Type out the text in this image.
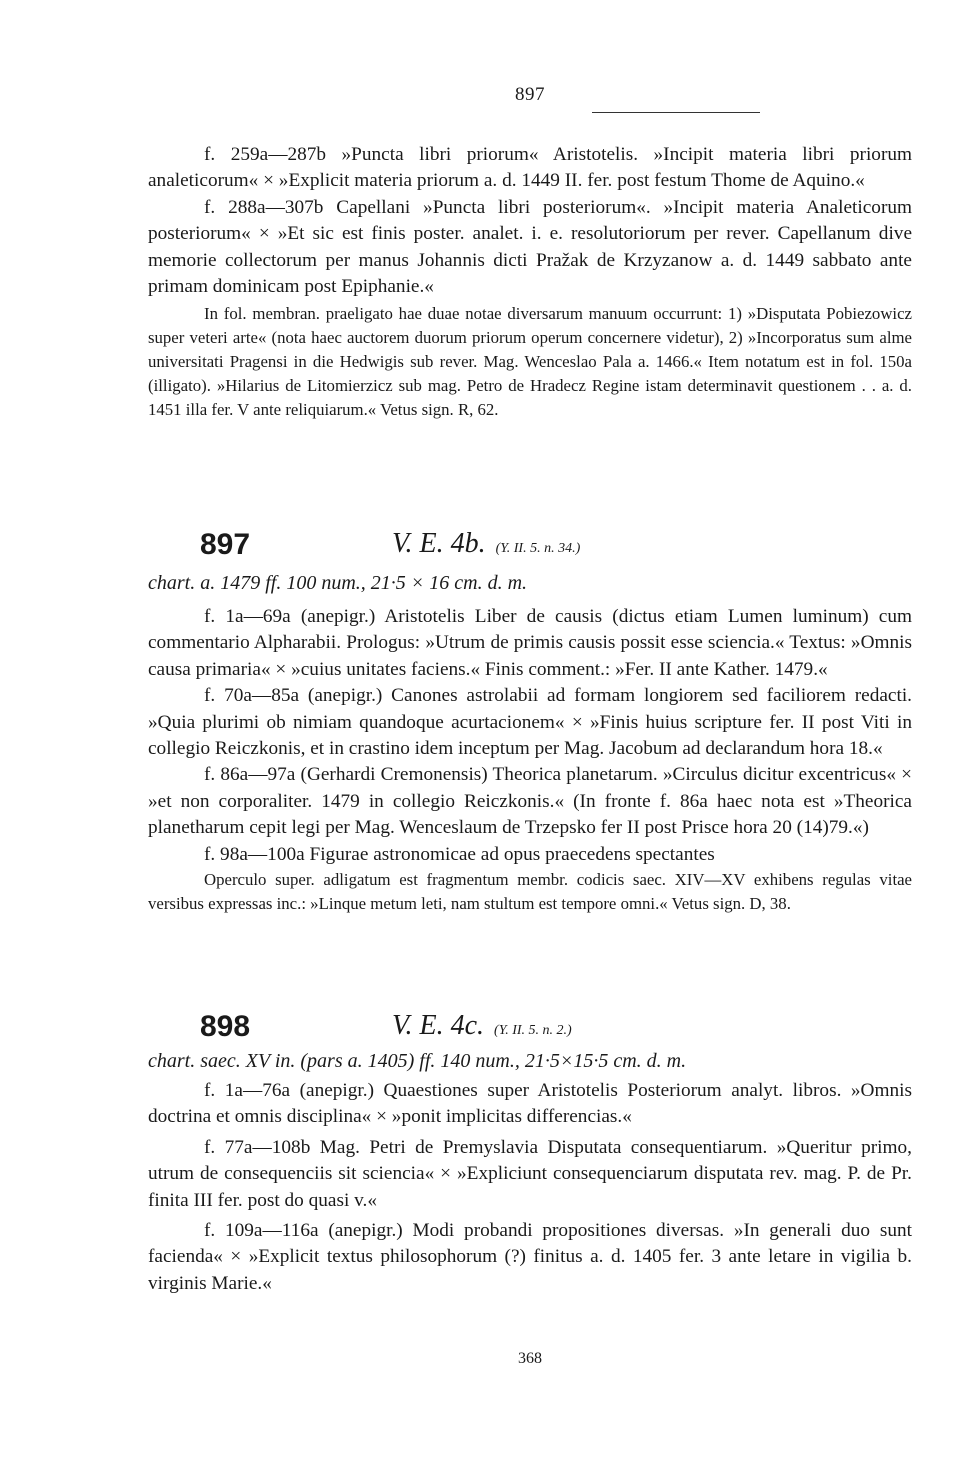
897

f. 259a—287b »Puncta libri priorum« Aristotelis. »Incipit materia libri priorum analeticorum« × »Explicit materia priorum a. d. 1449 II. fer. post festum Thome de Aquino.«

f. 288a—307b Capellani »Puncta libri posteriorum«. »Incipit materia Analeticorum posteriorum« × »Et sic est finis poster. analet. i. e. resolutoriorum per rever. Capellanum dive memorie collectorum per manus Johannis dicti Pražak de Krzyzanow a. d. 1449 sabbato ante primam dominicam post Epiphanie.«

In fol. membran. praeligato hae duae notae diversarum manuum occurrunt: 1) »Disputata Pobiezowicz super veteri arte« (nota haec auctorem duorum priorum operum concernere videtur), 2) »Incorporatus sum alme universitati Pragensi in die Hedwigis sub rever. Mag. Wenceslao Pala a. 1466.« Item notatum est in fol. 150a (illigato). »Hilarius de Litomierzicz sub mag. Petro de Hradecz Regine istam determinavit questionem . . a. d. 1451 illa fer. V ante reliquiarum.« Vetus sign. R, 62.

897	V. E. 4b. (Y. II. 5. n. 34.)
chart. a. 1479 ff. 100 num., 21·5 × 16 cm. d. m.

f. 1a—69a (anepigr.) Aristotelis Liber de causis (dictus etiam Lumen luminum) cum commentario Alpharabii. Prologus: »Utrum de primis causis possit esse sciencia.« Textus: »Omnis causa primaria« × »cuius unitates faciens.« Finis comment.: »Fer. II ante Kather. 1479.«

f. 70a—85a (anepigr.) Canones astrolabii ad formam longiorem sed faciliorem redacti. »Quia plurimi ob nimiam quandoque acurtacionem« × »Finis huius scripture fer. II post Viti in collegio Reiczkonis, et in crastino idem inceptum per Mag. Jacobum ad declarandum hora 18.«

f. 86a—97a (Gerhardi Cremonensis) Theorica planetarum. »Circulus dicitur excentricus« × »et non corporaliter. 1479 in collegio Reiczkonis.« (In fronte f. 86a haec nota est »Theorica planetharum cepit legi per Mag. Wenceslaum de Trzepsko fer II post Prisce hora 20 (14)79.«)

f. 98a—100a Figurae astronomicae ad opus praecedens spectantes

Operculo super. adligatum est fragmentum membr. codicis saec. XIV—XV exhibens regulas vitae versibus expressas inc.: »Linque metum leti, nam stultum est tempore omni.« Vetus sign. D, 38.

898	V. E. 4c. (Y. II. 5. n. 2.)
chart. saec. XV in. (pars a. 1405) ff. 140 num., 21·5×15·5 cm. d. m.

f. 1a—76a (anepigr.) Quaestiones super Aristotelis Posteriorum analyt. libros. »Omnis doctrina et omnis disciplina« × »ponit implicitas differencias.«

f. 77a—108b Mag. Petri de Premyslavia Disputata consequentiarum. »Queritur primo, utrum de consequenciis sit sciencia« × »Expliciunt consequenciarum disputata rev. mag. P. de Pr. finita III fer. post do quasi v.«

f. 109a—116a (anepigr.) Modi probandi propositiones diversas. »In generali duo sunt facienda« × »Explicit textus philosophorum (?) finitus a. d. 1405 fer. 3 ante letare in vigilia b. virginis Marie.«

368
